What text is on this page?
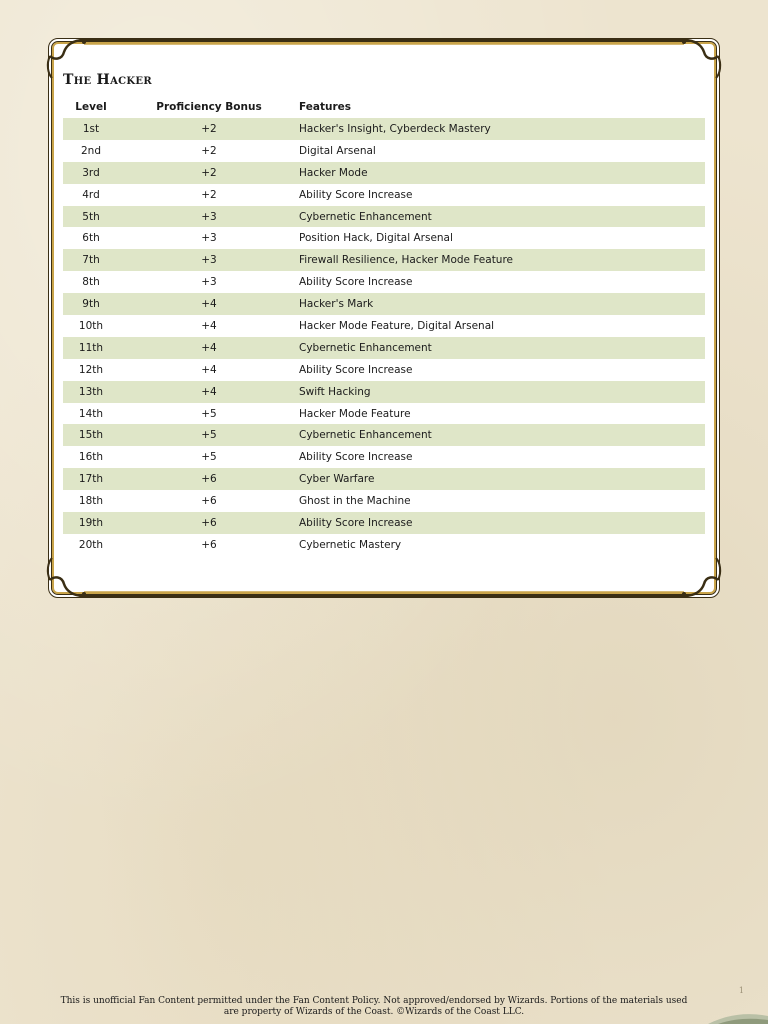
The Hacker
Level	Proficiency Bonus	Features
1st	+2	Hacker's Insight, Cyberdeck Mastery
2nd	+2	Digital Arsenal
3rd	+2	Hacker Mode
4rd	+2	Ability Score Increase
5th	+3	Cybernetic Enhancement
6th	+3	Position Hack, Digital Arsenal
7th	+3	Firewall Resilience, Hacker Mode Feature
8th	+3	Ability Score Increase
9th	+4	Hacker's Mark
10th	+4	Hacker Mode Feature, Digital Arsenal
11th	+4	Cybernetic Enhancement
12th	+4	Ability Score Increase
13th	+4	Swift Hacking
14th	+5	Hacker Mode Feature
15th	+5	Cybernetic Enhancement
16th	+5	Ability Score Increase
17th	+6	Cyber Warfare
18th	+6	Ghost in the Machine
19th	+6	Ability Score Increase
20th	+6	Cybernetic Mastery
1
This is unofficial Fan Content permitted under the Fan Content Policy. Not approved/endorsed by Wizards. Portions of the materials used
are property of Wizards of the Coast. ©Wizards of the Coast LLC.
